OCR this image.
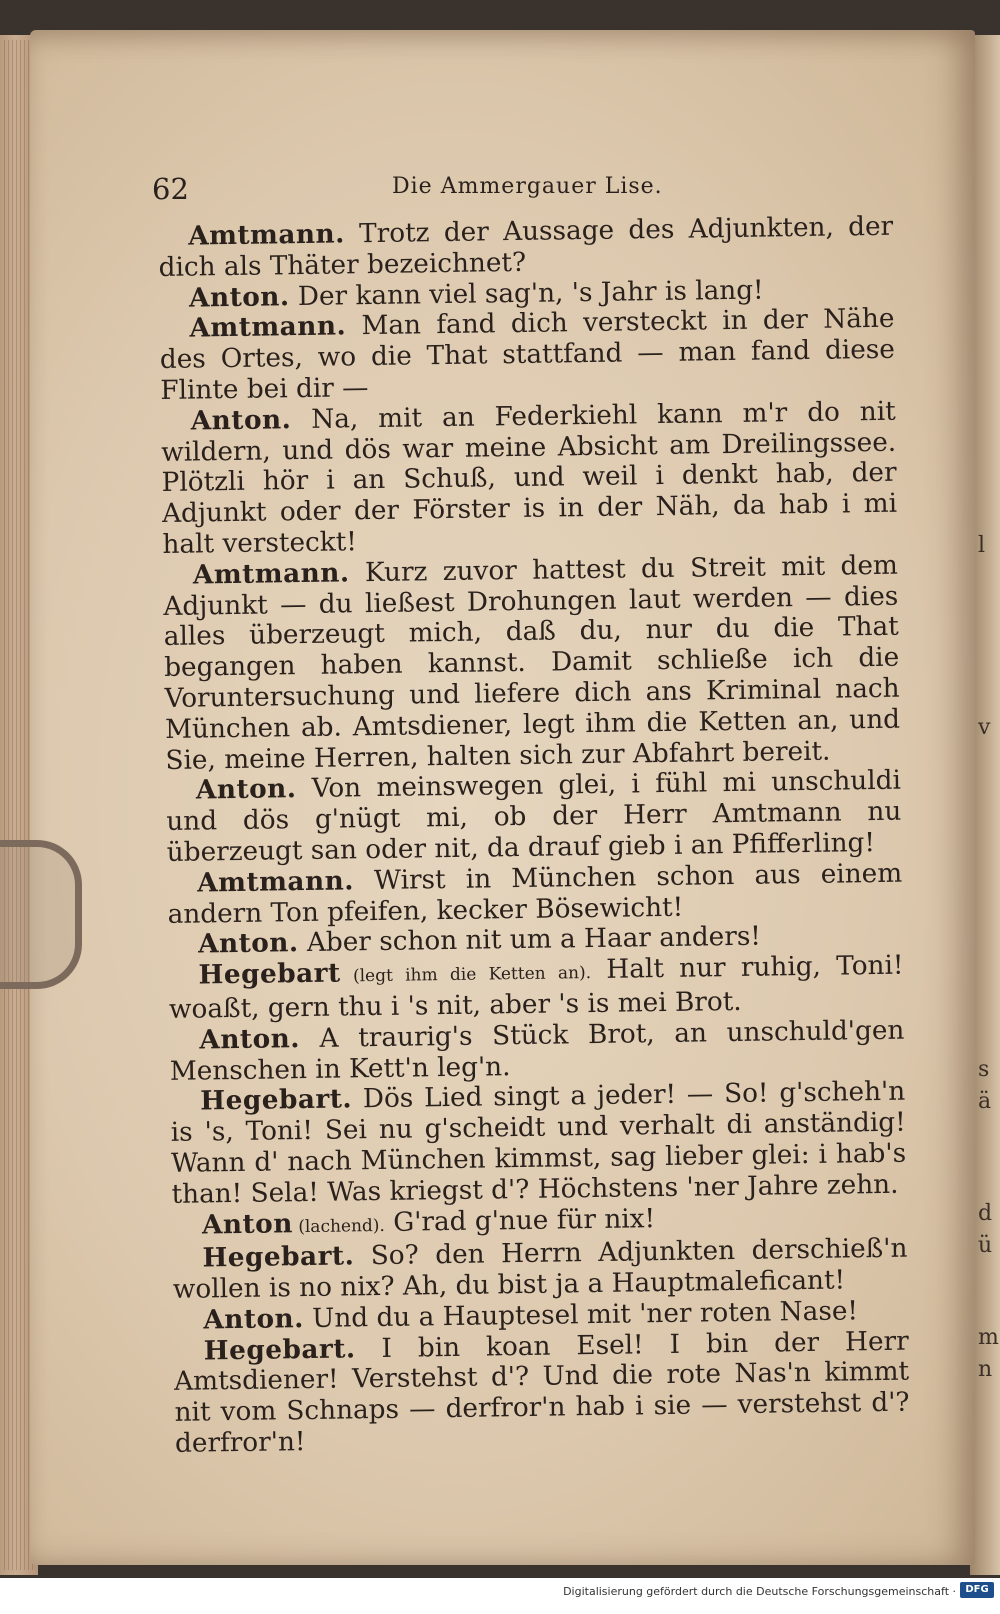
l
v
s
ä
d
ü
m
n
62	Die Ammergauer Lise.

Amtmann. Trotz der Aussage des Adjunkten, der dich als Thäter bezeichnet?

Anton. Der kann viel sag'n, 's Jahr is lang!

Amtmann. Man fand dich versteckt in der Nähe des Ortes, wo die That stattfand — man fand diese Flinte bei dir —

Anton. Na, mit an Federkiehl kann m'r do nit wildern, und dös war meine Absicht am Dreilingssee. Plötzli hör i an Schuß, und weil i denkt hab, der Adjunkt oder der Förster is in der Näh, da hab i mi halt versteckt!

Amtmann. Kurz zuvor hattest du Streit mit dem Adjunkt — du ließest Drohungen laut werden — dies alles überzeugt mich, daß du, nur du die That begangen haben kannst. Damit schließe ich die Voruntersuchung und liefere dich ans Kriminal nach München ab. Amtsdiener, legt ihm die Ketten an, und Sie, meine Herren, halten sich zur Abfahrt bereit.

Anton. Von meinswegen glei, i fühl mi unschuldi und dös g'nügt mi, ob der Herr Amtmann nu überzeugt san oder nit, da drauf gieb i an Pfifferling!

Amtmann. Wirst in München schon aus einem andern Ton pfeifen, kecker Bösewicht!

Anton. Aber schon nit um a Haar anders!

Hegebart (legt ihm die Ketten an). Halt nur ruhig, Toni! woaßt, gern thu i 's nit, aber 's is mei Brot.

Anton. A traurig's Stück Brot, an unschuld'gen Menschen in Kett'n leg'n.

Hegebart. Dös Lied singt a jeder! — So! g'scheh'n is 's, Toni! Sei nu g'scheidt und verhalt di anständig! Wann d' nach München kimmst, sag lieber glei: i hab's than! Sela! Was kriegst d'? Höchstens 'ner Jahre zehn.

Anton (lachend). G'rad g'nue für nix!

Hegebart. So? den Herrn Adjunkten derschieß'n wollen is no nix? Ah, du bist ja a Hauptmaleficant!

Anton. Und du a Hauptesel mit 'ner roten Nase!

Hegebart. I bin koan Esel! I bin der Herr Amtsdiener! Verstehst d'? Und die rote Nas'n kimmt nit vom Schnaps — derfror'n hab i sie — verstehst d'? derfror'n!

Digitalisierung gefördert durch die Deutsche Forschungsgemeinschaft · DFG
